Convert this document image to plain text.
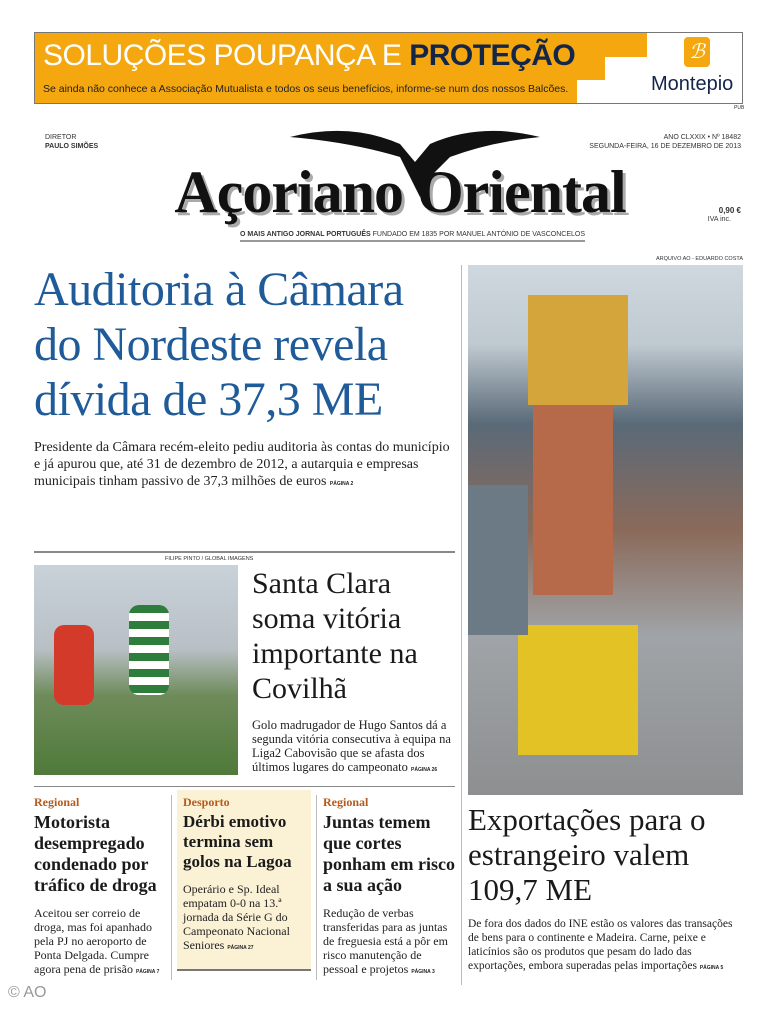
SOLUÇÕES POUPANÇA E PROTEÇÃO
Se ainda não conhece a Associação Mutualista e todos os seus benefícios, informe-se num dos nossos Balcões.
ℬ
Montepio
PUB
DIRETOR
PAULO SIMÕES
ANO CLXXIX • Nº 18482
SEGUNDA-FEIRA, 16 DE DEZEMBRO DE 2013
Açoriano Oriental	0,90 €
IVA inc.
O MAIS ANTIGO JORNAL PORTUGUÊS FUNDADO EM 1835 POR MANUEL ANTÓNIO DE VASCONCELOS
ARQUIVO AO - EDUARDO COSTA
Auditoria à Câmara do Nordeste revela dívida de 37,3 ME
Presidente da Câmara recém-eleito pediu auditoria às contas do município e já apurou que, até 31 de dezembro de 2012, a autarquia e empresas municipais tinham passivo de 37,3 milhões de euros PÁGINA 2
FILIPE PINTO / GLOBAL IMAGENS
Santa Clara soma vitória importante na Covilhã
Golo madrugador de Hugo Santos dá a segunda vitória consecutiva à equipa na Liga2 Cabovisão que se afasta dos últimos lugares do campeonato PÁGINA 26
Regional
Motorista desempregado condenado por tráfico de droga
Aceitou ser correio de droga, mas foi apanhado pela PJ no aeroporto de Ponta Delgada. Cumpre agora pena de prisão PÁGINA 7
Desporto
Dérbi emotivo termina sem golos na Lagoa
Operário e Sp. Ideal empatam 0-0 na 13.ª jornada da Série G do Campeonato Nacional Seniores PÁGINA 27
Regional
Juntas temem que cortes ponham em risco a sua ação
Redução de verbas transferidas para as juntas de freguesia está a pôr em risco manutenção de pessoal e projetos PÁGINA 3
Exportações para o estrangeiro valem 109,7 ME
De fora dos dados do INE estão os valores das transações de bens para o continente e Madeira. Carne, peixe e laticínios são os produtos que pesam do lado das exportações, embora superadas pelas importações PÁGINA 5
© AO
